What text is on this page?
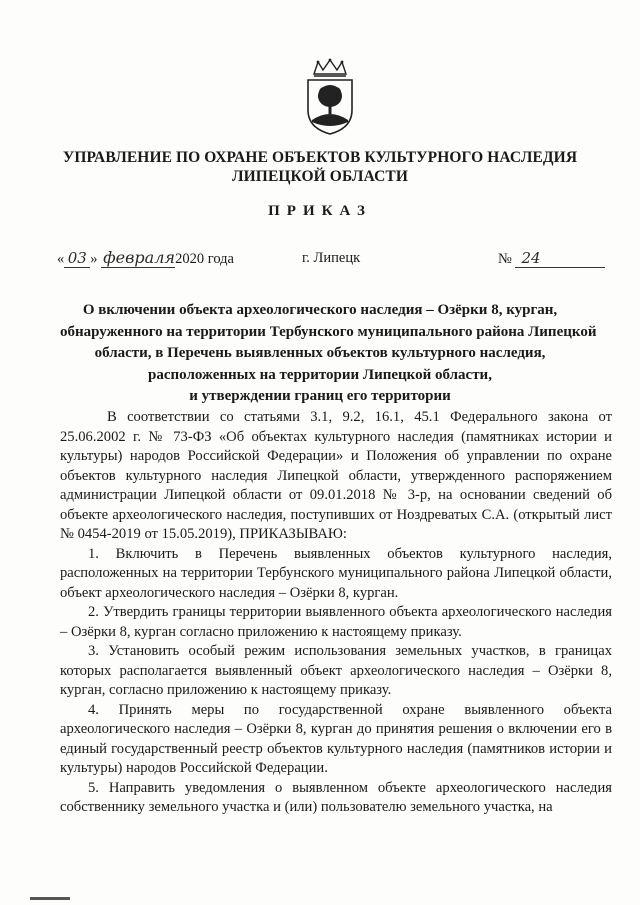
УПРАВЛЕНИЕ ПО ОХРАНЕ ОБЪЕКТОВ КУЛЬТУРНОГО НАСЛЕДИЯ
ЛИПЕЦКОЙ ОБЛАСТИ
ПРИКАЗ
« 03 » февраля2020 года	г. Липецк	№ 24
О включении объекта археологического наследия – Озёрки 8, курган,
обнаруженного на территории Тербунского муниципального района Липецкой
области, в Перечень выявленных объектов культурного наследия,
расположенных на территории Липецкой области,
и утверждении границ его территории

В соответствии со статьями 3.1, 9.2, 16.1, 45.1 Федерального закона от 25.06.2002 г. № 73-ФЗ «Об объектах культурного наследия (памятниках истории и культуры) народов Российской Федерации» и Положения об управлении по охране объектов культурного наследия Липецкой области, утвержденного распоряжением администрации Липецкой области от 09.01.2018 № 3-р, на основании сведений об объекте археологического наследия, поступивших от Ноздреватых С.А. (открытый лист № 0454-2019 от 15.05.2019), ПРИКАЗЫВАЮ:

1. Включить в Перечень выявленных объектов культурного наследия, расположенных на территории Тербунского муниципального района Липецкой области, объект археологического наследия – Озёрки 8, курган.

2. Утвердить границы территории выявленного объекта археологического наследия – Озёрки 8, курган согласно приложению к настоящему приказу.

3. Установить особый режим использования земельных участков, в границах которых располагается выявленный объект археологического наследия – Озёрки 8, курган, согласно приложению к настоящему приказу.

4. Принять меры по государственной охране выявленного объекта археологического наследия – Озёрки 8, курган до принятия решения о включении его в единый государственный реестр объектов культурного наследия (памятников истории и культуры) народов Российской Федерации.

5. Направить уведомления о выявленном объекте археологического наследия собственнику земельного участка и (или) пользователю земельного участка, на
